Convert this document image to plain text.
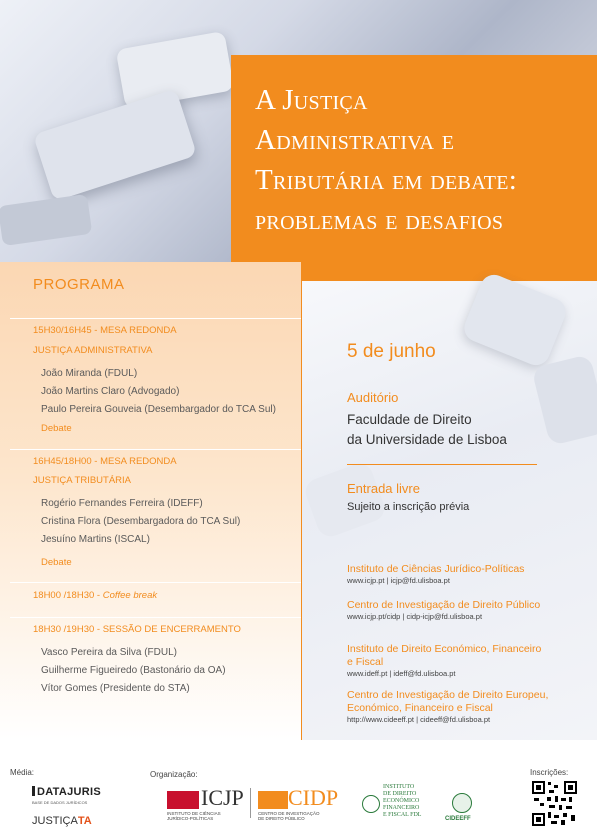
A Justiça
Administrativa e
Tributária em debate:
problemas e desafios
PROGRAMA
15H30/16H45 - MESA REDONDA
JUSTIÇA ADMINISTRATIVA
João Miranda (FDUL)
João Martins Claro (Advogado)
Paulo Pereira Gouveia (Desembargador do TCA Sul)
Debate
16H45/18H00 - MESA REDONDA
JUSTIÇA TRIBUTÁRIA
Rogério Fernandes Ferreira (IDEFF)
Cristina Flora (Desembargadora do TCA Sul)
Jesuíno Martins (ISCAL)
Debate
18H00 /18H30 - Coffee break
18H30 /19H30 - SESSÃO DE ENCERRAMENTO
Vasco Pereira da Silva (FDUL)
Guilherme Figueiredo (Bastonário da OA)
Vítor Gomes (Presidente do STA)
5 de junho
Auditório
Faculdade de Direito
da Universidade de Lisboa
Entrada livre
Sujeito a inscrição prévia
Instituto de Ciências Jurídico-Políticas
www.icjp.pt | icjp@fd.ulisboa.pt
Centro de Investigação de Direito Público
www.icjp.pt/cidp | cidp-icjp@fd.ulisboa.pt
Instituto de Direito Económico, Financeiro
e Fiscal
www.ideff.pt | ideff@fd.ulisboa.pt
Centro de Investigação de Direito Europeu,
Económico, Financeiro e Fiscal
http://www.cideeff.pt | cideeff@fd.ulisboa.pt
Média:	Organização:	Inscrições:
DATAJURIS
BASE DE DADOS JURÍDICOS
JUSTIÇATA
ICJP
INSTITUTO DE CIÊNCIAS
JURÍDICO-POLÍTICAS
CIDP
CENTRO DE INVESTIGAÇÃO
DE DIREITO PÚBLICO
INSTITUTO
DE DIREITO
ECONÓMICO
FINANCEIRO
E FISCAL FDL
CIDEEFF
